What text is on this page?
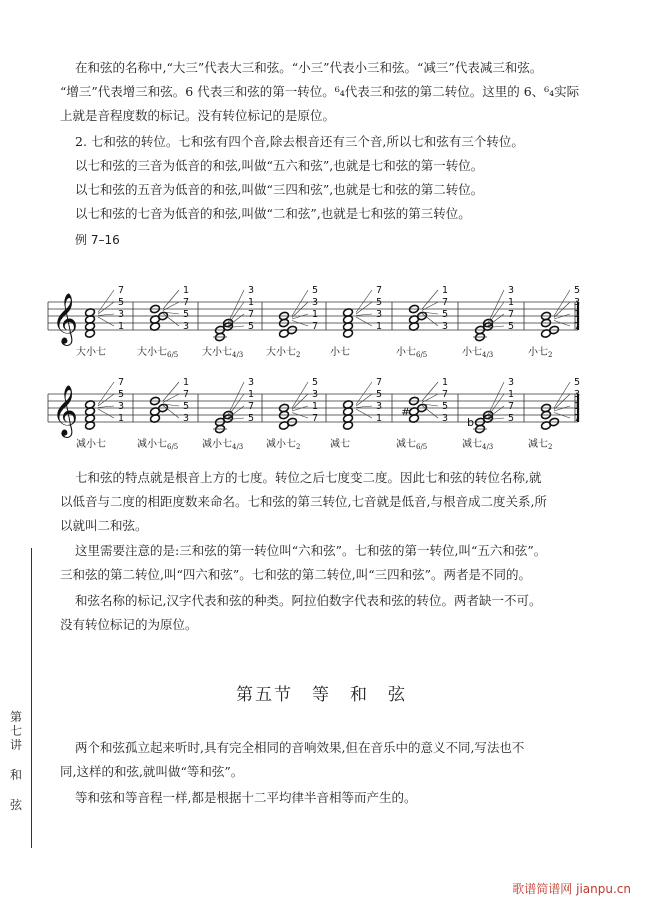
在和弦的名称中,“大三”代表大三和弦。“小三”代表小三和弦。“减三”代表减三和弦。
“增三”代表增三和弦。6 代表三和弦的第一转位。⁶₄代表三和弦的第二转位。这里的 6、⁶₄实际
上就是音程度数的标记。没有转位标记的是原位。
2. 七和弦的转位。七和弦有四个音,除去根音还有三个音,所以七和弦有三个转位。
以七和弦的三音为低音的和弦,叫做“五六和弦”,也就是七和弦的第一转位。
以七和弦的五音为低音的和弦,叫做“三四和弦”,也就是七和弦的第二转位。
以七和弦的七音为低音的和弦,叫做“二和弦”,也就是七和弦的第三转位。
例 7–16
𝄞
7
5
3
1
1
7
5
3
3
1
7
5
5
3
1
7
7
5
3
1
1
7
5
3
3
1
7
5
5
3
1
7
𝄞
7
5
3
1
1
7
5
3
3
1
7
5
5
3
1
7
7
5
3
1 #
1
7
5
3 b
3
1
7
5
5
3
1
7
七和弦的特点就是根音上方的七度。转位之后七度变二度。因此七和弦的转位名称,就
以低音与二度的相距度数来命名。七和弦的第三转位,七音就是低音,与根音成二度关系,所
以就叫二和弦。
这里需要注意的是:三和弦的第一转位叫“六和弦”。七和弦的第一转位,叫“五六和弦”。
三和弦的第二转位,叫“四六和弦”。七和弦的第二转位,叫“三四和弦”。两者是不同的。
和弦名称的标记,汉字代表和弦的种类。阿拉伯数字代表和弦的转位。两者缺一不可。
没有转位标记的为原位。
第五节　等　和　弦
两个和弦孤立起来听时,具有完全相同的音响效果,但在音乐中的意义不同,写法也不
同,这样的和弦,就叫做“等和弦”。
等和弦和等音程一样,都是根据十二平均律半音相等而产生的。
第
七
讲
和
弦
歌谱简谱网 jianpu.cn
大小七	大小七$_{6/5}$ 大小七$_{4/3}$ 大小七$_2$	小七	小七$_{6/5}$	小七$_{4/3}$	小七$_2$
减小七	减小七$_{6/5}$ 减小七$_{4/3}$ 减小七$_2$	减七	减七$_{6/5}$	减七$_{4/3}$	减七$_2$
